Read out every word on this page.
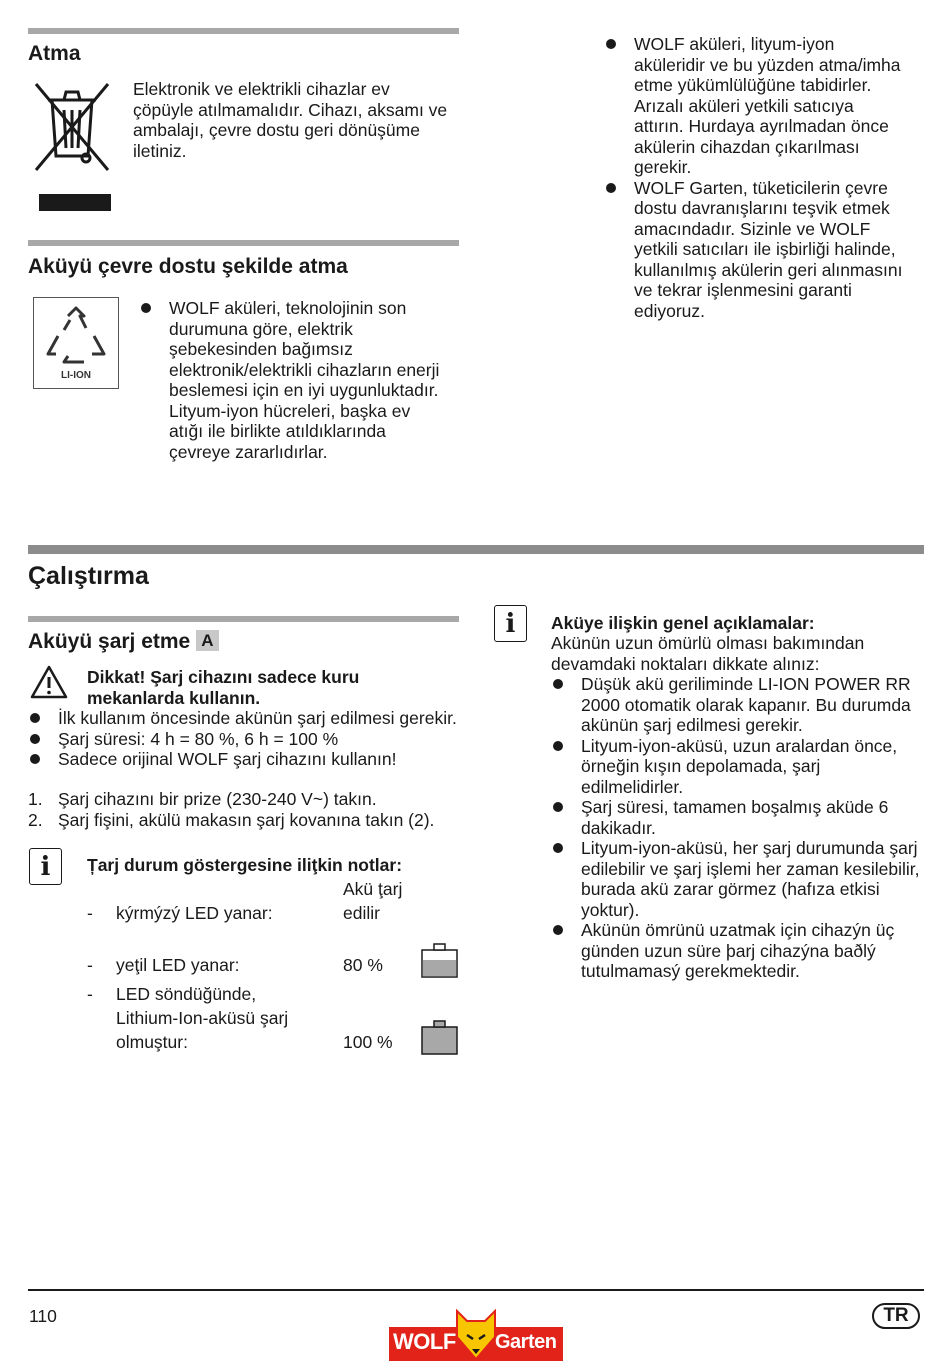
Atma
Elektronik ve elektrikli cihazlar ev çöpüyle atılmamalıdır. Cihazı, aksamı ve ambalajı, çevre dostu geri dönüşüme iletiniz.
Aküyü çevre dostu şekilde atma
LI-ION
WOLF aküleri, teknolojinin son durumuna göre, elektrik şebekesinden bağımsız elektronik/elektrikli cihazların enerji beslemesi için en iyi uygunluktadır. Lityum-iyon hücreleri, başka ev atığı ile birlikte atıldıklarında çevreye zararlıdırlar.
WOLF aküleri, lityum-iyon aküleridir ve bu yüzden atma/imha etme yükümlülüğüne tabidirler. Arızalı aküleri yetkili satıcıya attırın. Hurdaya ayrılmadan önce akülerin cihazdan çıkarılması gerekir.
WOLF Garten, tüketicilerin çevre dostu davranışlarını teşvik etmek amacındadır. Sizinle ve WOLF yetkili satıcıları ile işbirliği halinde, kullanılmış akülerin geri alınmasını ve tekrar işlenmesini garanti ediyoruz.
Çalıştırma
Aküyü şarj etme A
Dikkat! Şarj cihazını sadece kuru mekanlarda kullanın.
İlk kullanım öncesinde akünün şarj edilmesi gerekir.
Şarj süresi: 4 h = 80 %, 6 h = 100 %
Sadece orijinal WOLF şarj cihazını kullanın!
1. Şarj cihazını bir prize (230-240 V~) takın.
2. Şarj fişini, akülü makasın şarj kovanına takın (2).
i	Țarj durum göstergesine iliţkin notlar:
- kýrmýzý LED yanar:
Akü ţarj
edilir
- yeţil LED yanar:	80 %
- LED söndüğünde,
Lithium-Ion-aküsü şarj
olmuştur:	100 %
i	Aküye ilişkin genel açıklamalar:
Akünün uzun ömürlü olması bakımından devamdaki noktaları dikkate alınız:
Düşük akü geriliminde LI-ION POWER RR 2000 otomatik olarak kapanır. Bu durumda akünün şarj edilmesi gerekir.
Lityum-iyon-aküsü, uzun aralardan önce, örneğin kışın depolamada, şarj edilmelidirler.
Şarj süresi, tamamen boşalmış aküde 6 dakikadır.
Lityum-iyon-aküsü, her şarj durumunda şarj edilebilir ve şarj işlemi her zaman kesilebilir, burada akü zarar görmez (hafıza etkisi yoktur).
Akünün ömrünü uzatmak için cihazýn üç günden uzun süre þarj cihazýna baðlý tutulmamasý gerekmektedir.
110
WOLF Garten
TR
